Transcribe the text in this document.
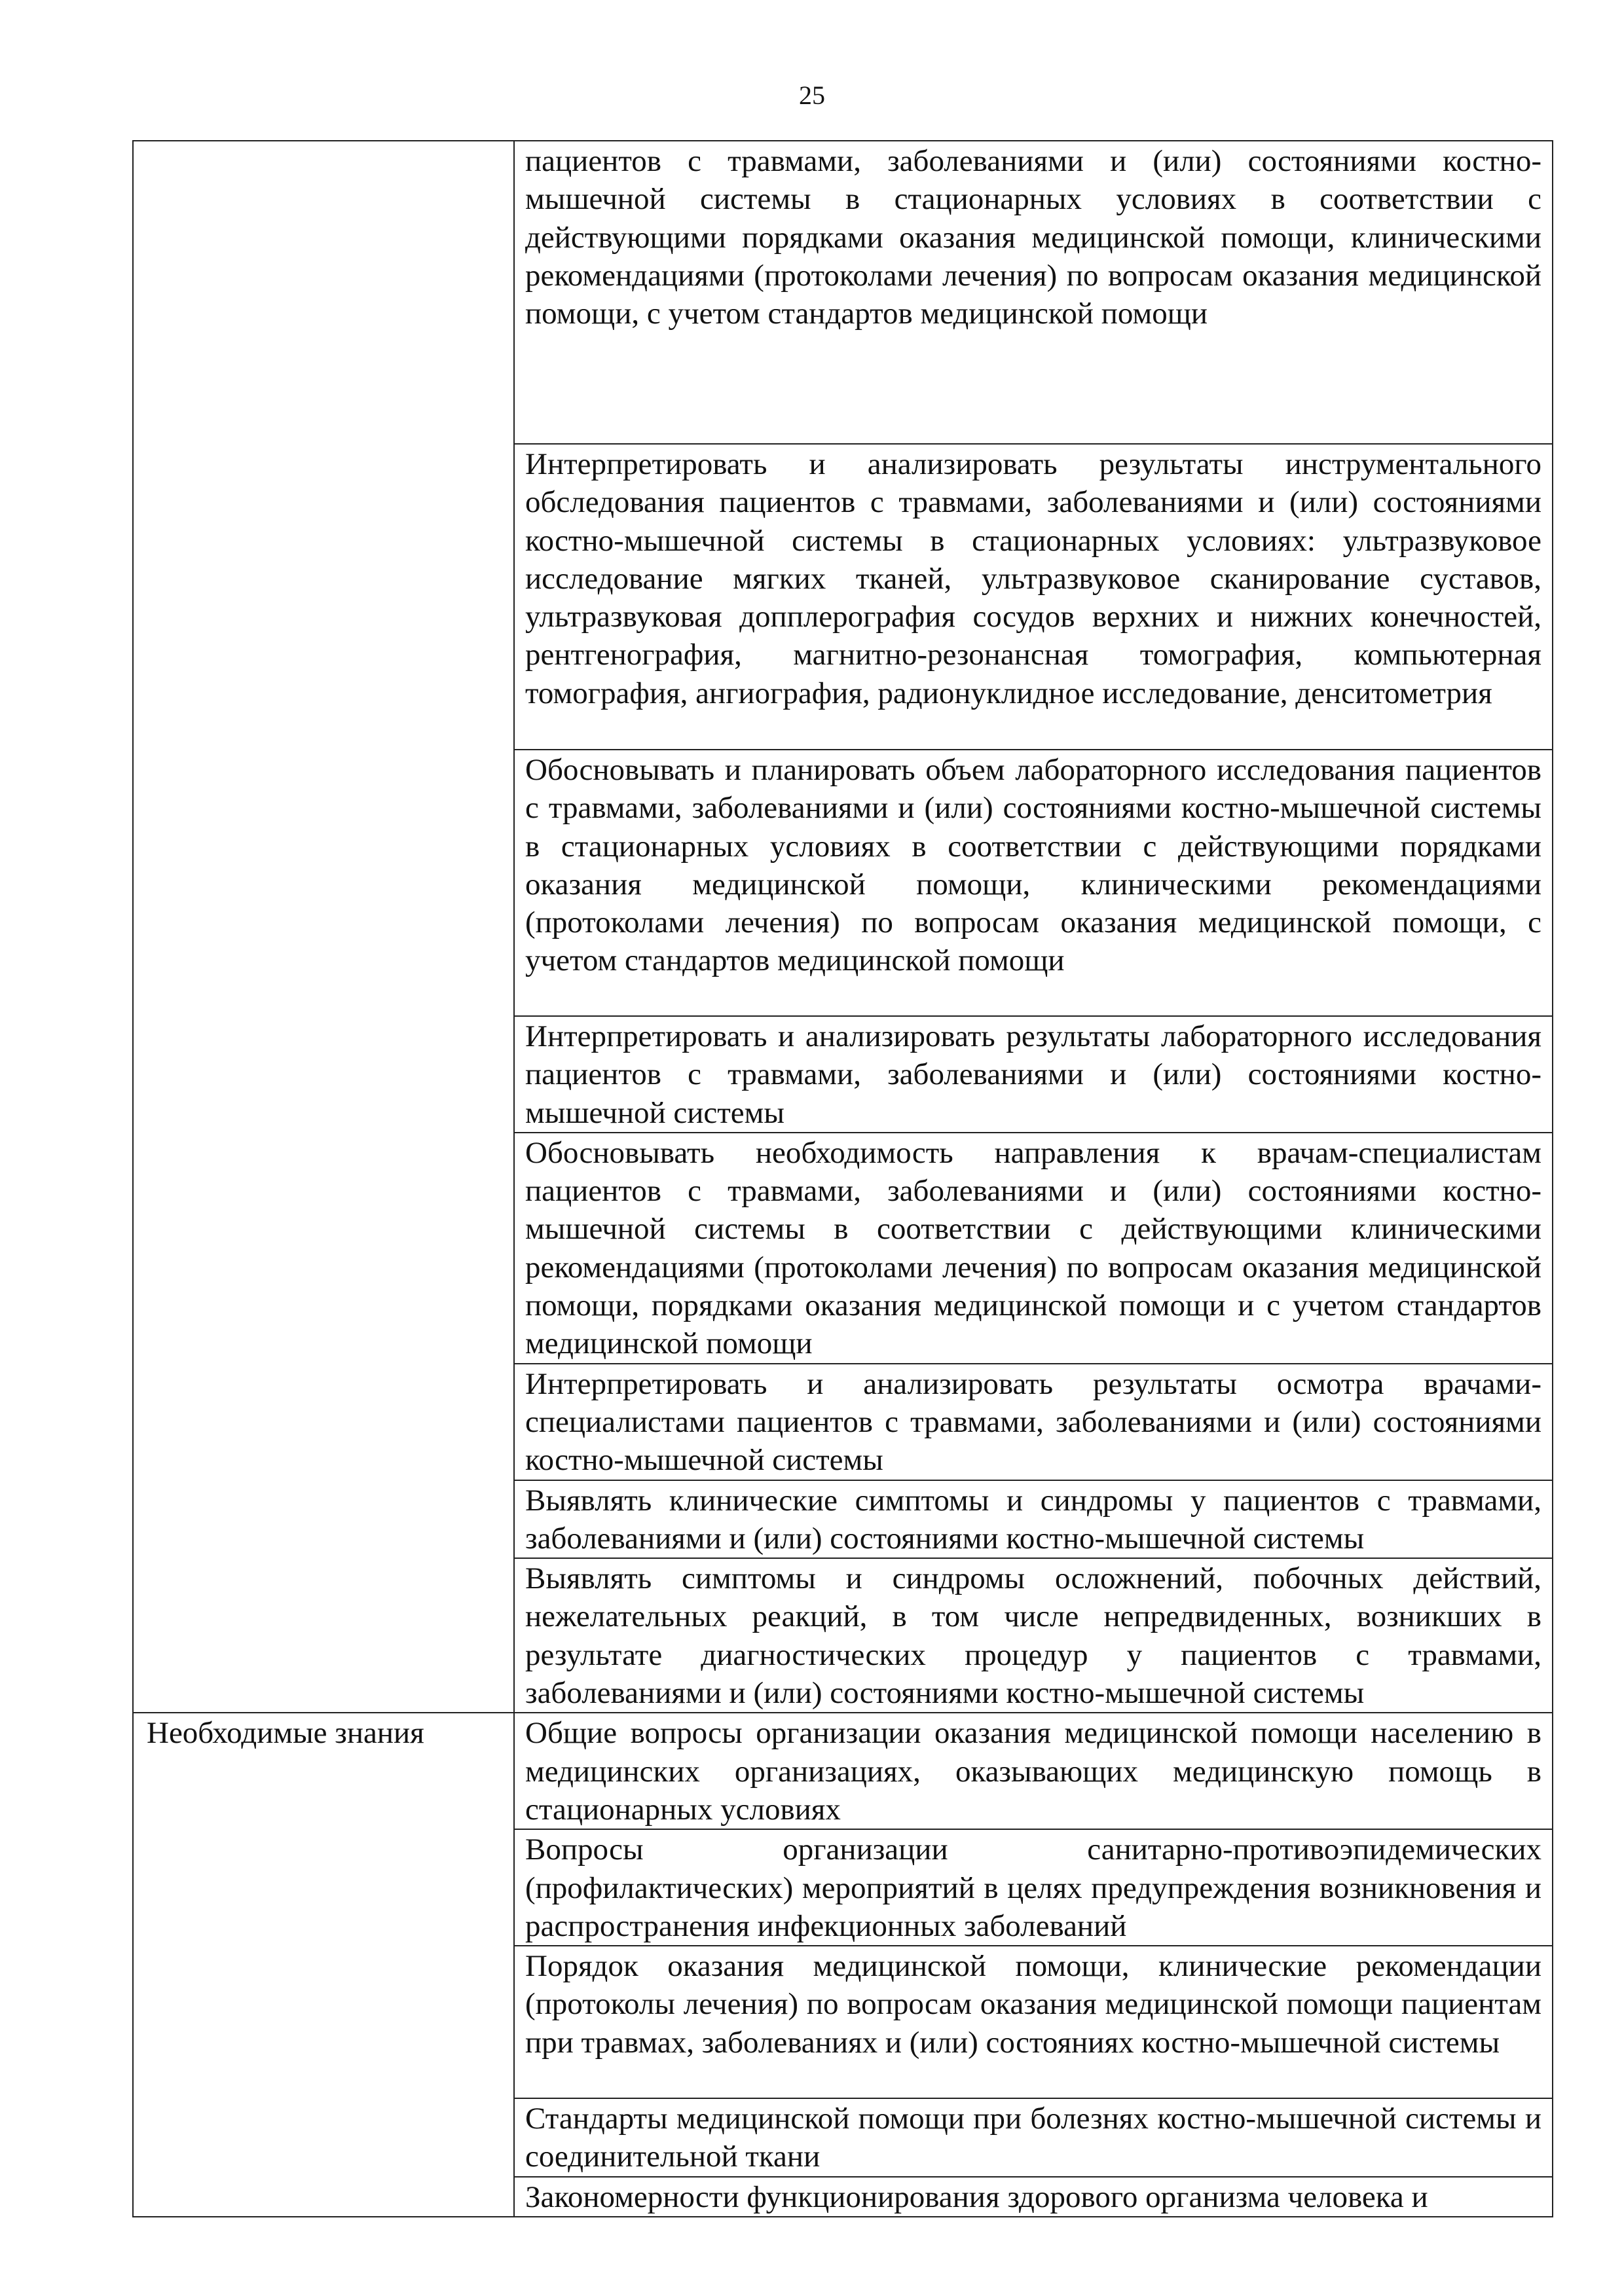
25
	пациентов с травмами, заболеваниями и (или) состояниями костно-мышечной системы в стационарных условиях в соответствии с действующими порядками оказания медицинской помощи, клиническими рекомендациями (протоколами лечения) по вопросам оказания медицинской помощи, с учетом стандартов медицинской помощи
	Интерпретировать и анализировать результаты инструментального обследования пациентов с травмами, заболеваниями и (или) состояниями костно-мышечной системы в стационарных условиях: ультразвуковое исследование мягких тканей, ультразвуковое сканирование суставов, ультразвуковая допплерография сосудов верхних и нижних конечностей, рентгенография, магнитно-резонансная томография, компьютерная томография, ангиография, радионуклидное исследование, денситометрия
	Обосновывать и планировать объем лабораторного исследования пациентов с травмами, заболеваниями и (или) состояниями костно-мышечной системы в стационарных условиях в соответствии с действующими порядками оказания медицинской помощи, клиническими рекомендациями (протоколами лечения) по вопросам оказания медицинской помощи, с учетом стандартов медицинской помощи
	Интерпретировать и анализировать результаты лабораторного исследования пациентов с травмами, заболеваниями и (или) состояниями костно-мышечной системы
	Обосновывать необходимость направления к врачам-специалистам пациентов с травмами, заболеваниями и (или) состояниями костно-мышечной системы в соответствии с действующими клиническими рекомендациями (протоколами лечения) по вопросам оказания медицинской помощи, порядками оказания медицинской помощи и с учетом стандартов медицинской помощи
	Интерпретировать и анализировать результаты осмотра врачами-специалистами пациентов с травмами, заболеваниями и (или) состояниями костно-мышечной системы
	Выявлять клинические симптомы и синдромы у пациентов с травмами, заболеваниями и (или) состояниями костно-мышечной системы
	Выявлять симптомы и синдромы осложнений, побочных действий, нежелательных реакций, в том числе непредвиденных, возникших в результате диагностических процедур у пациентов с травмами, заболеваниями и (или) состояниями костно-мышечной системы
Необходимые знания	Общие вопросы организации оказания медицинской помощи населению в медицинских организациях, оказывающих медицинскую помощь в стационарных условиях
	Вопросы организации санитарно-противоэпидемических (профилактических) мероприятий в целях предупреждения возникновения и распространения инфекционных заболеваний
	Порядок оказания медицинской помощи, клинические рекомендации (протоколы лечения) по вопросам оказания медицинской помощи пациентам при травмах, заболеваниях и (или) состояниях костно-мышечной системы
	Стандарты медицинской помощи при болезнях костно-мышечной системы и соединительной ткани
	Закономерности функционирования здорового организма человека и
